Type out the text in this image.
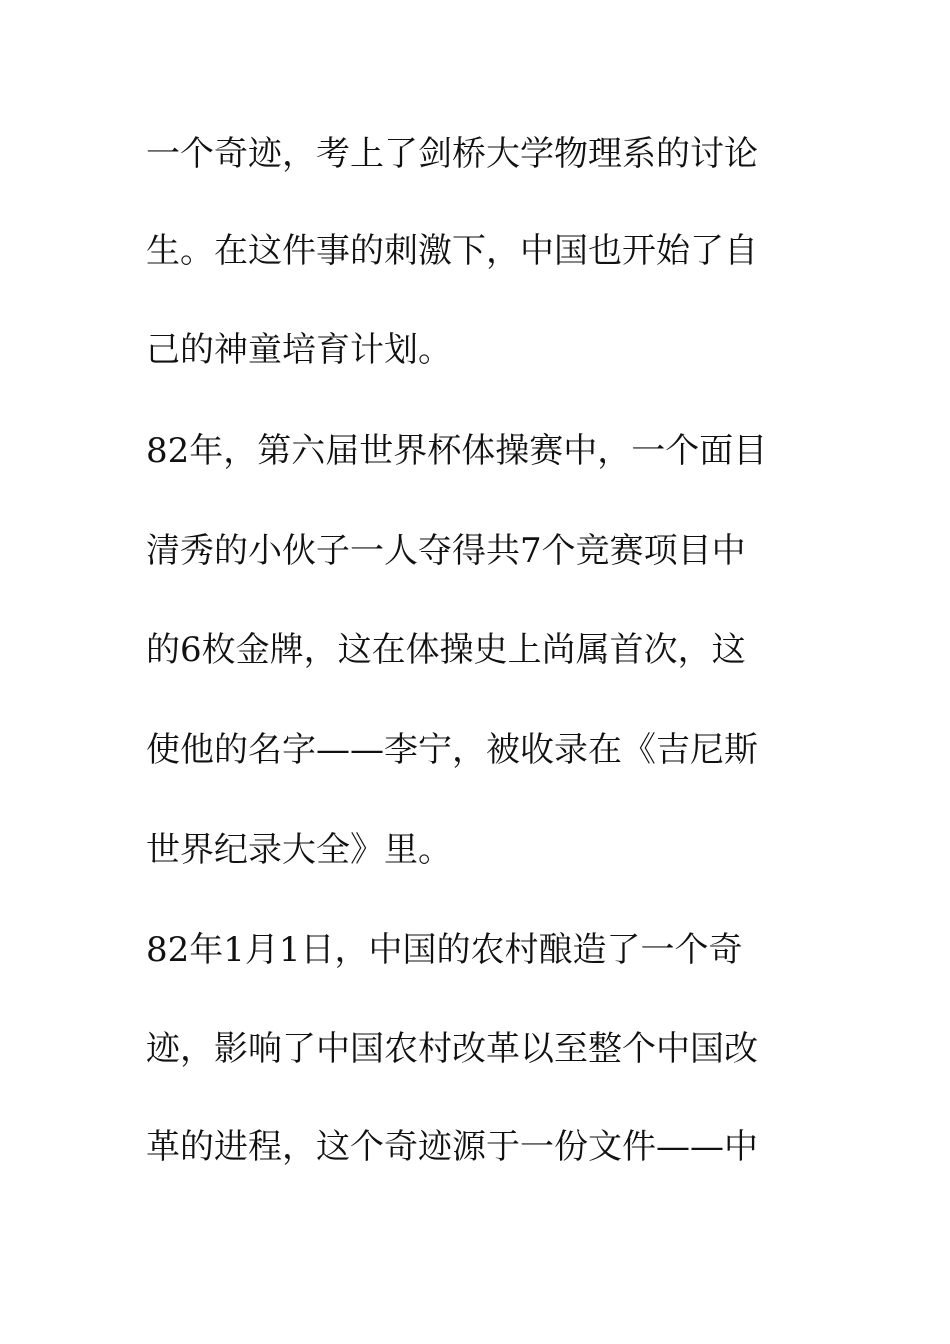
一个奇迹，考上了剑桥大学物理系的讨论
生。在这件事的刺激下，中国也开始了自
己的神童培育计划。
82年，第六届世界杯体操赛中，一个面目
清秀的小伙子一人夺得共7个竞赛项目中
的6枚金牌，这在体操史上尚属首次，这
使他的名字——李宁，被收录在《吉尼斯
世界纪录大全》里。
82年1月1日，中国的农村酿造了一个奇
迹，影响了中国农村改革以至整个中国改
革的进程，这个奇迹源于一份文件——中
